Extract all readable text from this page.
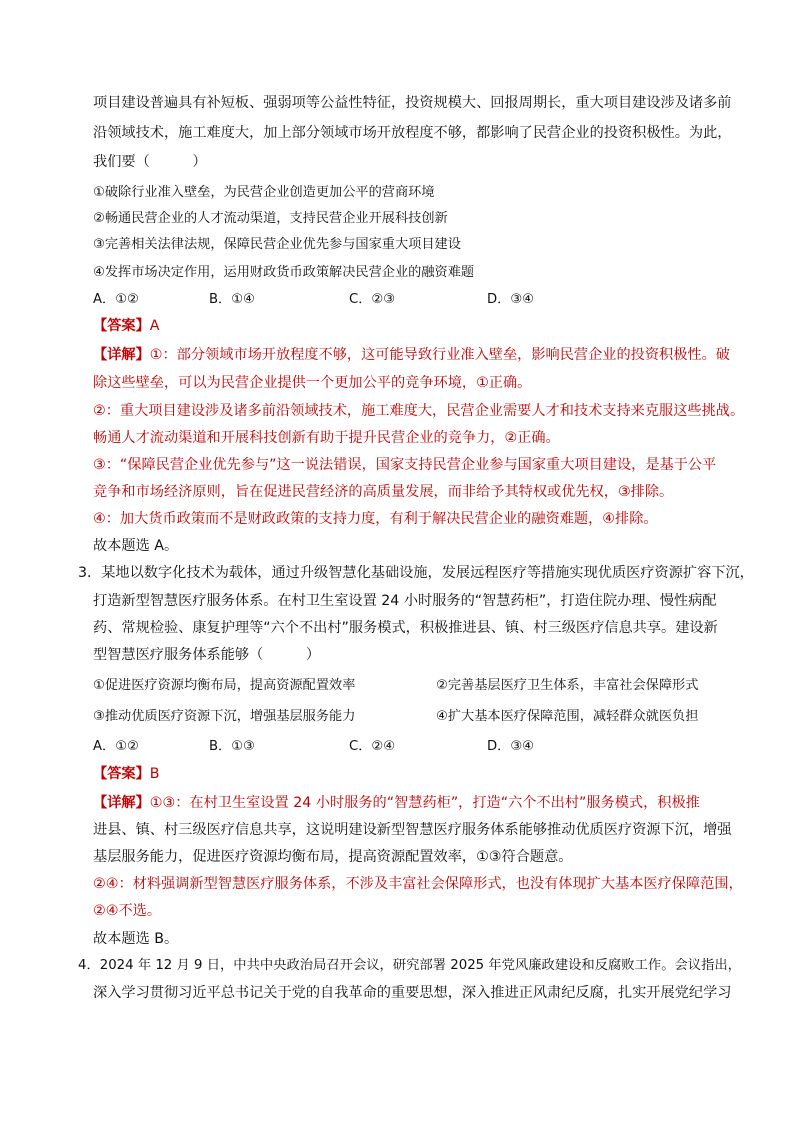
项目建设普遍具有补短板、强弱项等公益性特征，投资规模大、回报周期长，重大项目建设涉及诸多前
沿领域技术，施工难度大，加上部分领域市场开放程度不够，都影响了民营企业的投资积极性。为此，
我们要（　　　）
①破除行业准入壁垒，为民营企业创造更加公平的营商环境
②畅通民营企业的人才流动渠道，支持民营企业开展科技创新
③完善相关法律法规，保障民营企业优先参与国家重大项目建设
④发挥市场决定作用，运用财政货币政策解决民营企业的融资难题
A．①②	B．①④	C．②③	D．③④
【答案】A
【详解】①：部分领域市场开放程度不够，这可能导致行业准入壁垒，影响民营企业的投资积极性。破
除这些壁垒，可以为民营企业提供一个更加公平的竞争环境，①正确。
②：重大项目建设涉及诸多前沿领域技术，施工难度大，民营企业需要人才和技术支持来克服这些挑战。
畅通人才流动渠道和开展科技创新有助于提升民营企业的竞争力，②正确。
③：“保障民营企业优先参与”这一说法错误，国家支持民营企业参与国家重大项目建设，是基于公平
竞争和市场经济原则，旨在促进民营经济的高质量发展，而非给予其特权或优先权，③排除。
④：加大货币政策而不是财政政策的支持力度，有利于解决民营企业的融资难题，④排除。
故本题选 A。
3．某地以数字化技术为载体，通过升级智慧化基础设施，发展远程医疗等措施实现优质医疗资源扩容下沉，
打造新型智慧医疗服务体系。在村卫生室设置 24 小时服务的“智慧药柜”，打造住院办理、慢性病配
药、常规检验、康复护理等“六个不出村”服务模式，积极推进县、镇、村三级医疗信息共享。建设新
型智慧医疗服务体系能够（　　　）
①促进医疗资源均衡布局，提高资源配置效率	②完善基层医疗卫生体系，丰富社会保障形式
③推动优质医疗资源下沉，增强基层服务能力	④扩大基本医疗保障范围，减轻群众就医负担
A．①②	B．①③	C．②④	D．③④
【答案】B
【详解】①③：在村卫生室设置 24 小时服务的“智慧药柜”，打造“六个不出村”服务模式，积极推
进县、镇、村三级医疗信息共享，这说明建设新型智慧医疗服务体系能够推动优质医疗资源下沉，增强
基层服务能力，促进医疗资源均衡布局，提高资源配置效率，①③符合题意。
②④：材料强调新型智慧医疗服务体系，不涉及丰富社会保障形式，也没有体现扩大基本医疗保障范围，
②④不选。
故本题选 B。
4．2024 年 12 月 9 日，中共中央政治局召开会议，研究部署 2025 年党风廉政建设和反腐败工作。会议指出，
深入学习贯彻习近平总书记关于党的自我革命的重要思想，深入推进正风肃纪反腐，扎实开展党纪学习
